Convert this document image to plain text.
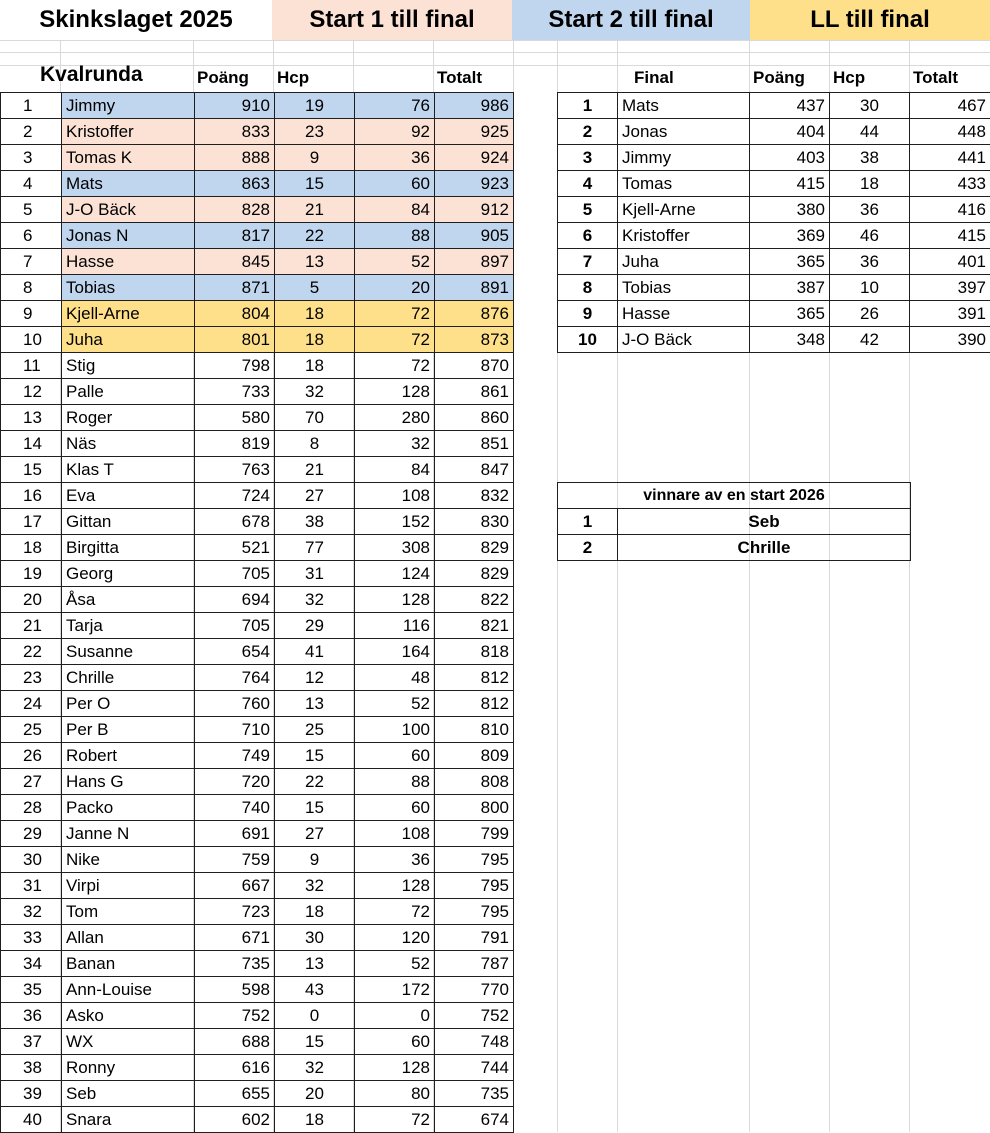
Skinkslaget 2025	Start 1 till final	Start 2 till final	LL till final
Kvalrunda	Poäng Hcp	Totalt	Final	Poäng Hcp	Totalt
1	Jimmy	910	19	76	986
2	Kristoffer	833	23	92	925
3	Tomas K	888	9	36	924
4	Mats	863	15	60	923
5	J-O Bäck	828	21	84	912
6	Jonas N	817	22	88	905
7	Hasse	845	13	52	897
8	Tobias	871	5	20	891
9	Kjell-Arne	804	18	72	876
10	Juha	801	18	72	873
11	Stig	798	18	72	870
12	Palle	733	32	128	861
13	Roger	580	70	280	860
14	Näs	819	8	32	851
15	Klas T	763	21	84	847
16	Eva	724	27	108	832
17	Gittan	678	38	152	830
18	Birgitta	521	77	308	829
19	Georg	705	31	124	829
20	Åsa	694	32	128	822
21	Tarja	705	29	116	821
22	Susanne	654	41	164	818
23	Chrille	764	12	48	812
24	Per O	760	13	52	812
25	Per B	710	25	100	810
26	Robert	749	15	60	809
27	Hans G	720	22	88	808
28	Packo	740	15	60	800
29	Janne N	691	27	108	799
30	Nike	759	9	36	795
31	Virpi	667	32	128	795
32	Tom	723	18	72	795
33	Allan	671	30	120	791
34	Banan	735	13	52	787
35	Ann-Louise	598	43	172	770
36	Asko	752	0	0	752
37	WX	688	15	60	748
38	Ronny	616	32	128	744
39	Seb	655	20	80	735
40	Snara	602	18	72	674
1	Mats	437	30	467
2	Jonas	404	44	448
3	Jimmy	403	38	441
4	Tomas	415	18	433
5	Kjell-Arne	380	36	416
6	Kristoffer	369	46	415
7	Juha	365	36	401
8	Tobias	387	10	397
9	Hasse	365	26	391
10	J-O Bäck	348	42	390
vinnare av en start 2026	
1	Seb
2	Chrille
